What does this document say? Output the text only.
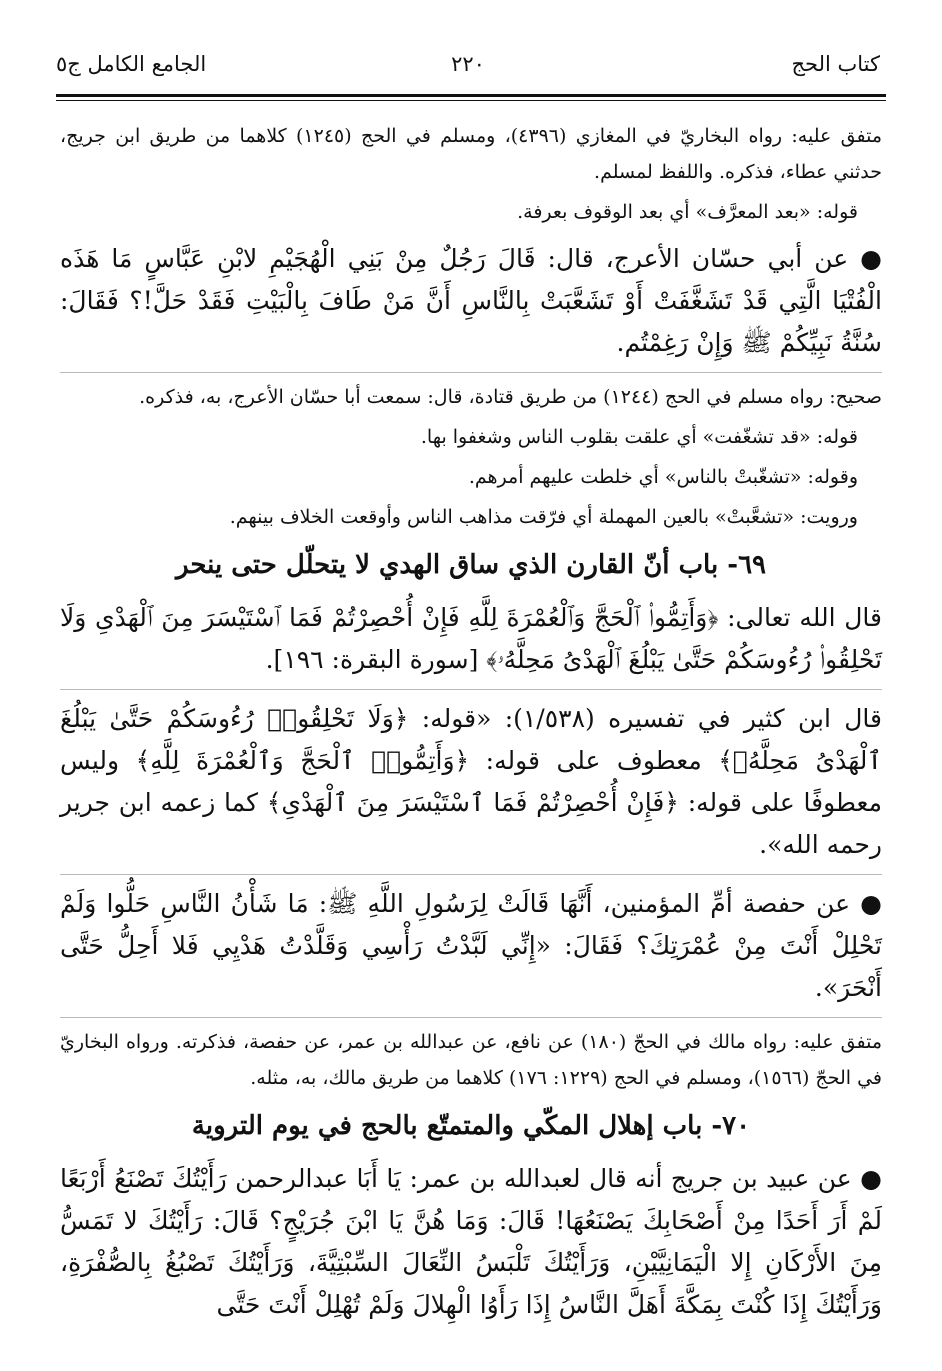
٢٢٠	كتاب الحج
الجامع الكامل ج٥

متفق عليه: رواه البخاريّ في المغازي (٤٣٩٦)، ومسلم في الحج (١٢٤٥) كلاهما من طريق ابن جريج، حدثني عطاء، فذكره. واللفظ لمسلم.

قوله: «بعد المعرَّف» أي بعد الوقوف بعرفة.

● عن أبي حسّان الأعرج، قال: قَالَ رَجُلٌ مِنْ بَنِي الْهُجَيْمِ لابْنِ عَبَّاسٍ مَا هَذَه الْفُتْيَا الَّتِي قَدْ تَشَغَّفَتْ أَوْ تَشَعَّبَتْ بِالنَّاسِ أَنَّ مَنْ طَافَ بِالْبَيْتِ فَقَدْ حَلَّ!؟ فَقَالَ: سُنَّةُ نَبِيِّكُمْ ﷺ وَإِنْ رَغِمْتُم.

صحيح: رواه مسلم في الحج (١٢٤٤) من طريق قتادة، قال: سمعت أبا حسّان الأعرج، به، فذكره.

قوله: «قد تشغّفت» أي علقت بقلوب الناس وشغفوا بها.

وقوله: «تشغّبتْ بالناس» أي خلطت عليهم أمرهم.

ورويت: «تشعَّبتْ» بالعين المهملة أي فرّقت مذاهب الناس وأوقعت الخلاف بينهم.

٦٩- باب أنّ القارن الذي ساق الهدي لا يتحلّل حتى ينحر

قال الله تعالى: ﴿وَأَتِمُّوا۟ ٱلْحَجَّ وَٱلْعُمْرَةَ لِلَّهِ فَإِنْ أُحْصِرْتُمْ فَمَا ٱسْتَيْسَرَ مِنَ ٱلْهَدْىِ وَلَا تَحْلِقُوا۟ رُءُوسَكُمْ حَتَّىٰ يَبْلُغَ ٱلْهَدْىُ مَحِلَّهُۥ﴾ [سورة البقرة: ١٩٦].

قال ابن كثير في تفسيره (١/٥٣٨): «قوله: ﴿وَلَا تَحْلِقُوا۟ رُءُوسَكُمْ حَتَّىٰ يَبْلُغَ ٱلْهَدْىُ مَحِلَّهُۥ﴾ معطوف على قوله: ﴿وَأَتِمُّوا۟ ٱلْحَجَّ وَٱلْعُمْرَةَ لِلَّهِ﴾ وليس معطوفًا على قوله: ﴿فَإِنْ أُحْصِرْتُمْ فَمَا ٱسْتَيْسَرَ مِنَ ٱلْهَدْىِ﴾ كما زعمه ابن جرير رحمه الله».

● عن حفصة أمِّ المؤمنين، أَنَّهَا قَالَتْ لِرَسُولِ اللَّهِ ﷺ: مَا شَأْنُ النَّاسِ حَلُّوا وَلَمْ تَحْلِلْ أَنْتَ مِنْ عُمْرَتِكَ؟ فَقَالَ: «إِنِّي لَبَّدْتُ رَأْسِي وَقَلَّدْتُ هَدْيِي فَلا أَحِلُّ حَتَّى أَنْحَرَ».

متفق عليه: رواه مالك في الحجّ (١٨٠) عن نافع، عن عبدالله بن عمر، عن حفصة، فذكرته. ورواه البخاريّ في الحجّ (١٥٦٦)، ومسلم في الحج (١٢٢٩: ١٧٦) كلاهما من طريق مالك، به، مثله.

٧٠- باب إهلال المكّي والمتمتّع بالحج في يوم التروية

● عن عبيد بن جريج أنه قال لعبدالله بن عمر: يَا أَبَا عبدالرحمن رَأَيْتُكَ تَصْنَعُ أَرْبَعًا لَمْ أَرَ أَحَدًا مِنْ أَصْحَابِكَ يَصْنَعُهَا! قَالَ: وَمَا هُنَّ يَا ابْنَ جُرَيْجٍ؟ قَالَ: رَأَيْتُكَ لا تَمَسُّ مِنَ الأَرْكَانِ إِلا الْيَمَانِيَّيْنِ، وَرَأَيْتُكَ تَلْبَسُ النِّعَالَ السِّبْتِيَّةَ، وَرَأَيْتُكَ تَصْبُغُ بِالصُّفْرَةِ، وَرَأَيْتُكَ إِذَا كُنْتَ بِمَكَّةَ أَهَلَّ النَّاسُ إِذَا رَأَوُا الْهِلالَ وَلَمْ تُهْلِلْ أَنْتَ حَتَّى
